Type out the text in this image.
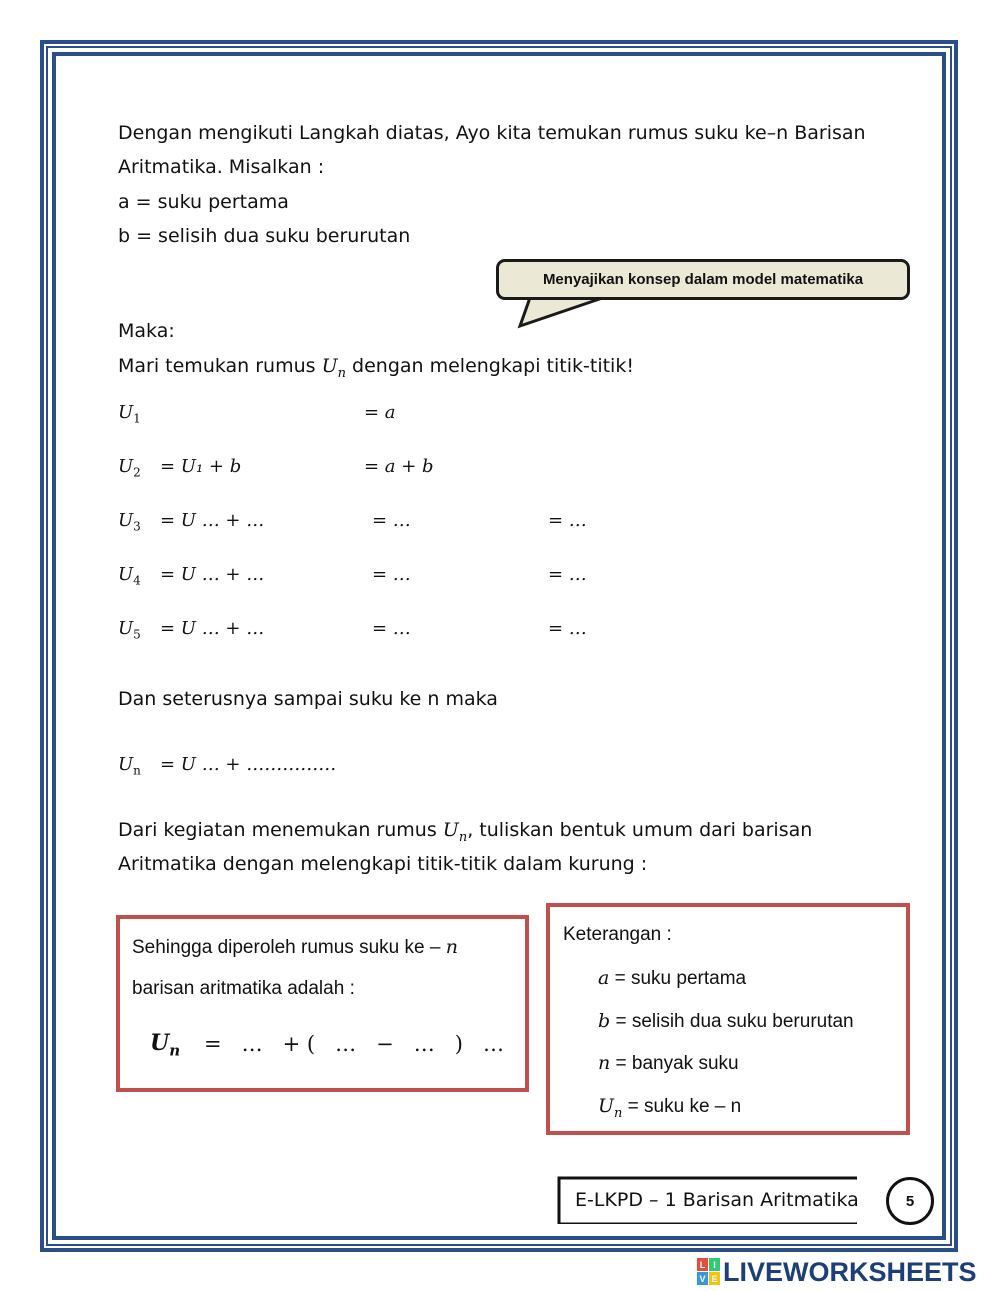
Dengan mengikuti Langkah diatas, Ayo kita temukan rumus suku ke–n Barisan
Aritmatika. Misalkan :
a = suku pertama
b = selisih dua suku berurutan
Menyajikan konsep dalam model matematika
Maka:
Mari temukan rumus $U_n$ dengan melengkapi titik-titik!
$U_1$	= a
$U_2 = U_1 + b$	= a + b
$U_3 = U$ … + …	= …	= …
$U_4 = U$ … + …	= …	= …
$U_5 = U$ … + …	= …	= …
Dan seterusnya sampai suku ke n maka
$U_n = U$ … + ……………
Dari kegiatan menemukan rumus $U_n$, tuliskan bentuk umum dari barisan
Aritmatika dengan melengkapi titik-titik dalam kurung :
Sehingga diperoleh rumus suku ke – n
barisan aritmatika adalah :
$U_n$ =   …   + (   …   −   …   )   …
Keterangan :
a = suku pertama
b = selisih dua suku berurutan
n = banyak suku
$U_n$ = suku ke – n
E-LKPD – 1 Barisan Aritmatika	5
L I
V E LIVEWORKSHEETS
